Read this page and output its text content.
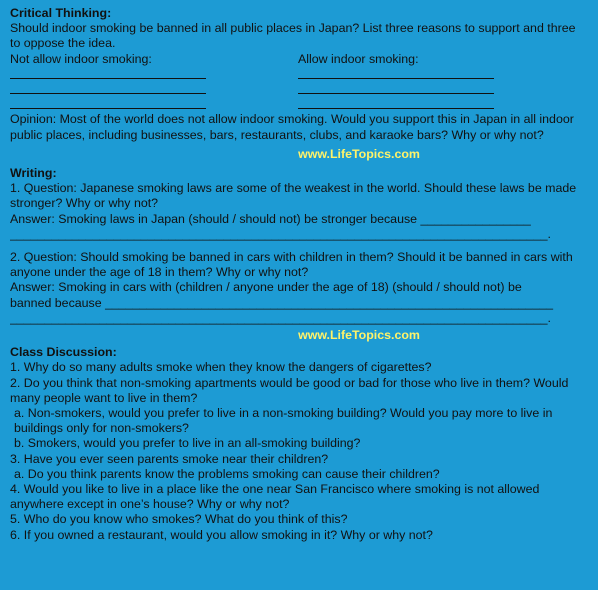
Critical Thinking:
Should indoor smoking be banned in all public places in Japan? List three reasons to support and three to oppose the idea.
Not allow indoor smoking:	Allow indoor smoking:
Opinion: Most of the world does not allow indoor smoking. Would you support this in Japan in all indoor public places, including businesses, bars, restaurants, clubs, and karaoke bars? Why or why not?
www.LifeTopics.com
Writing:
1. Question: Japanese smoking laws are some of the weakest in the world. Should these laws be made stronger? Why or why not?
Answer: Smoking laws in Japan (should / should not) be stronger because ________________
______________________________________________________________________________.
2. Question: Should smoking be banned in cars with children in them? Should it be banned in cars with anyone under the age of 18 in them? Why or why not?
Answer: Smoking in cars with (children / anyone under the age of 18) (should / should not) be
banned because _________________________________________________________________
______________________________________________________________________________.
www.LifeTopics.com
Class Discussion:
1. Why do so many adults smoke when they know the dangers of cigarettes?
2. Do you think that non-smoking apartments would be good or bad for those who live in them? Would many people want to live in them?
a. Non-smokers, would you prefer to live in a non-smoking building? Would you pay more to live in buildings only for non-smokers?
b. Smokers, would you prefer to live in an all-smoking building?
3. Have you ever seen parents smoke near their children?
a. Do you think parents know the problems smoking can cause their children?
4. Would you like to live in a place like the one near San Francisco where smoking is not allowed anywhere except in one’s house? Why or why not?
5. Who do you know who smokes? What do you think of this?
6. If you owned a restaurant, would you allow smoking in it? Why or why not?
